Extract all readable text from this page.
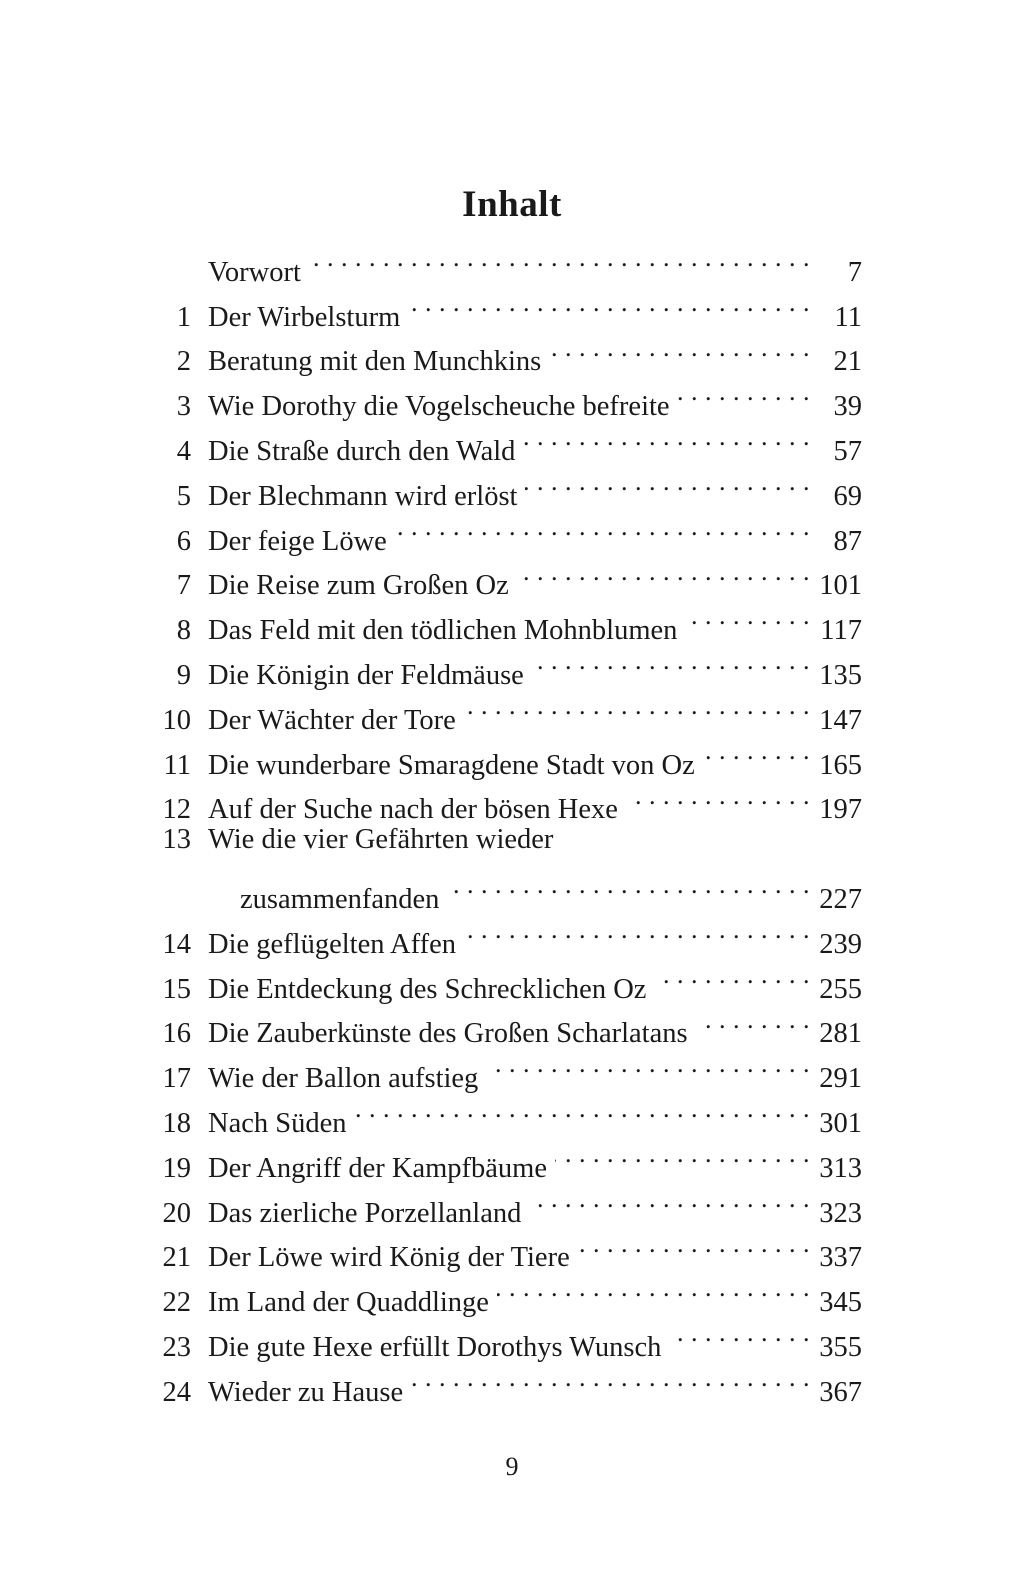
Inhalt
Vorwort . . .	7
1 Der Wirbelsturm . . .	11
2 Beratung mit den Munchkins . . .	21
3 Wie Dorothy die Vogelscheuche befreite . . .	39
4 Die Straße durch den Wald . . .	57
5 Der Blechmann wird erlöst . . .	69
6 Der feige Löwe . . .	87
7 Die Reise zum Großen Oz . . .	101
8 Das Feld mit den tödlichen Mohnblumen . . .	117
9 Die Königin der Feldmäuse . . .	135
10 Der Wächter der Tore . . .	147
11 Die wunderbare Smaragdene Stadt von Oz . . .	165
12 Auf der Suche nach der bösen Hexe . . .	197
13 Wie die vier Gefährten wieder
zusammenfanden . . .	227
14 Die geflügelten Affen . . .	239
15 Die Entdeckung des Schrecklichen Oz . . .	255
16 Die Zauberkünste des Großen Scharlatans . . .	281
17 Wie der Ballon aufstieg . . .	291
18 Nach Süden . . .	301
19 Der Angriff der Kampfbäume . . .	313
20 Das zierliche Porzellanland . . .	323
21 Der Löwe wird König der Tiere . . .	337
22 Im Land der Quaddlinge . . .	345
23 Die gute Hexe erfüllt Dorothys Wunsch . . .	355
24 Wieder zu Hause . . .	367
9
